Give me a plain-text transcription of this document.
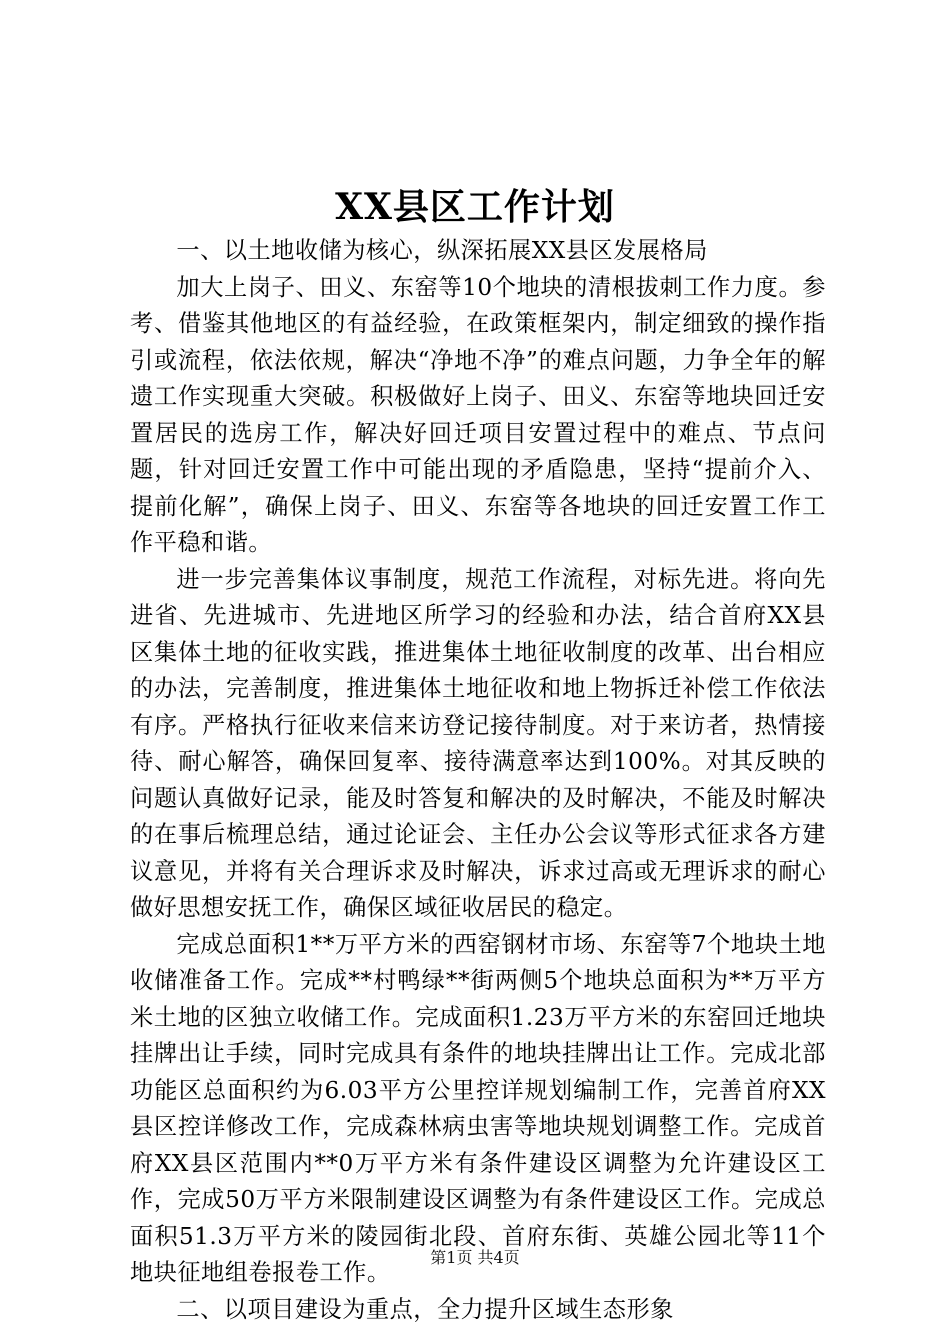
XX县区工作计划

一、以土地收储为核心，纵深拓展XX县区发展格局

加大上岗子、田义、东窑等10个地块的清根拔刺工作力度。参考、借鉴其他地区的有益经验，在政策框架内，制定细致的操作指引或流程，依法依规，解决“净地不净”的难点问题，力争全年的解遗工作实现重大突破。积极做好上岗子、田义、东窑等地块回迁安置居民的选房工作，解决好回迁项目安置过程中的难点、节点问题，针对回迁安置工作中可能出现的矛盾隐患，坚持“提前介入、提前化解”，确保上岗子、田义、东窑等各地块的回迁安置工作工作平稳和谐。

进一步完善集体议事制度，规范工作流程，对标先进。将向先进省、先进城市、先进地区所学习的经验和办法，结合首府XX县区集体土地的征收实践，推进集体土地征收制度的改革、出台相应的办法，完善制度，推进集体土地征收和地上物拆迁补偿工作依法有序。严格执行征收来信来访登记接待制度。对于来访者，热情接待、耐心解答，确保回复率、接待满意率达到100%。对其反映的问题认真做好记录，能及时答复和解决的及时解决，不能及时解决的在事后梳理总结，通过论证会、主任办公会议等形式征求各方建议意见，并将有关合理诉求及时解决，诉求过高或无理诉求的耐心做好思想安抚工作，确保区域征收居民的稳定。

完成总面积1**万平方米的西窑钢材市场、东窑等7个地块土地收储准备工作。完成**村鸭绿**街两侧5个地块总面积为**万平方米土地的区独立收储工作。完成面积1.23万平方米的东窑回迁地块挂牌出让手续，同时完成具有条件的地块挂牌出让工作。完成北部功能区总面积约为6.03平方公里控详规划编制工作，完善首府XX县区控详修改工作，完成森林病虫害等地块规划调整工作。完成首府XX县区范围内**0万平方米有条件建设区调整为允许建设区工作，完成50万平方米限制建设区调整为有条件建设区工作。完成总面积51.3万平方米的陵园街北段、首府东街、英雄公园北等11个地块征地组卷报卷工作。

二、以项目建设为重点，全力提升区域生态形象

第1页 共4页
